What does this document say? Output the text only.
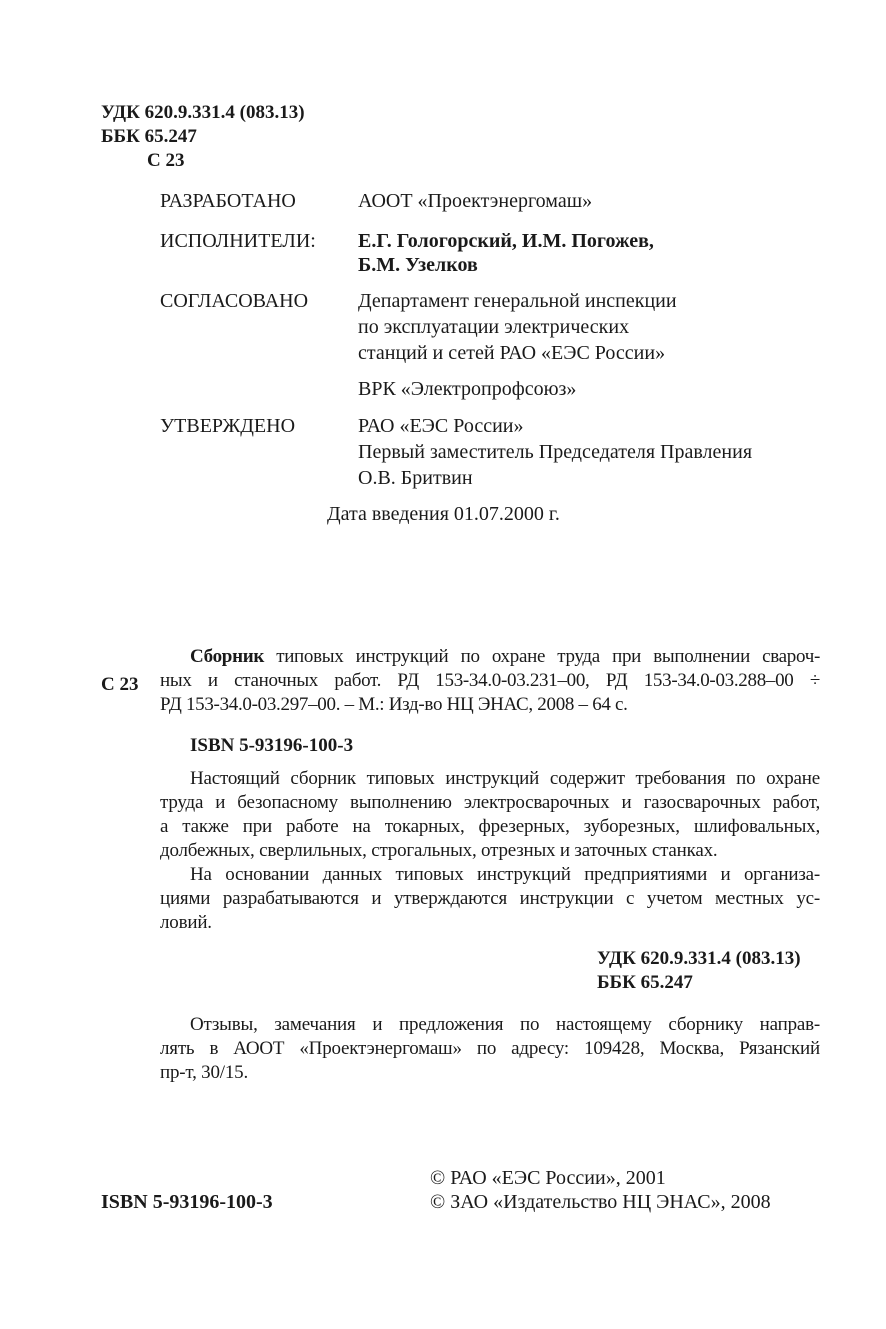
УДК 620.9.331.4 (083.13)
ББК 65.247
С 23
РАЗРАБОТАНО	АООТ «Проектэнергомаш»
ИСПОЛНИТЕЛИ: Е.Г. Гологорский, И.М. Погожев,
Б.М. Узелков
СОГЛАСОВАНО Департамент генеральной инспекции
по эксплуатации электрических
станций и сетей РАО «ЕЭС России»
ВРК «Электропрофсоюз»
УТВЕРЖДЕНО	РАО «ЕЭС России»
Первый заместитель Председателя Правления
О.В. Бритвин
Дата введения 01.07.2000 г.
С 23
Сборник типовых инструкций по охране труда при выполнении свароч-
ных и станочных работ. РД 153-34.0-03.231–00, РД 153-34.0-03.288–00 ÷
РД 153-34.0-03.297–00. – М.: Изд-во НЦ ЭНАС, 2008 – 64 с.
ISBN 5-93196-100-3

Настоящий сборник типовых инструкций содержит требования по охране
труда и безопасному выполнению электросварочных и газосварочных работ,
а также при работе на токарных, фрезерных, зуборезных, шлифовальных,
долбежных, сверлильных, строгальных, отрезных и заточных станках.

На основании данных типовых инструкций предприятиями и организа-
циями разрабатываются и утверждаются инструкции с учетом местных ус-
ловий.

УДК 620.9.331.4 (083.13)
ББК 65.247
Отзывы, замечания и предложения по настоящему сборнику направ-
лять в АООТ «Проектэнергомаш» по адресу: 109428, Москва, Рязанский
пр-т, 30/15.
ISBN 5-93196-100-3
© РАО «ЕЭС России», 2001
© ЗАО «Издательство НЦ ЭНАС», 2008
